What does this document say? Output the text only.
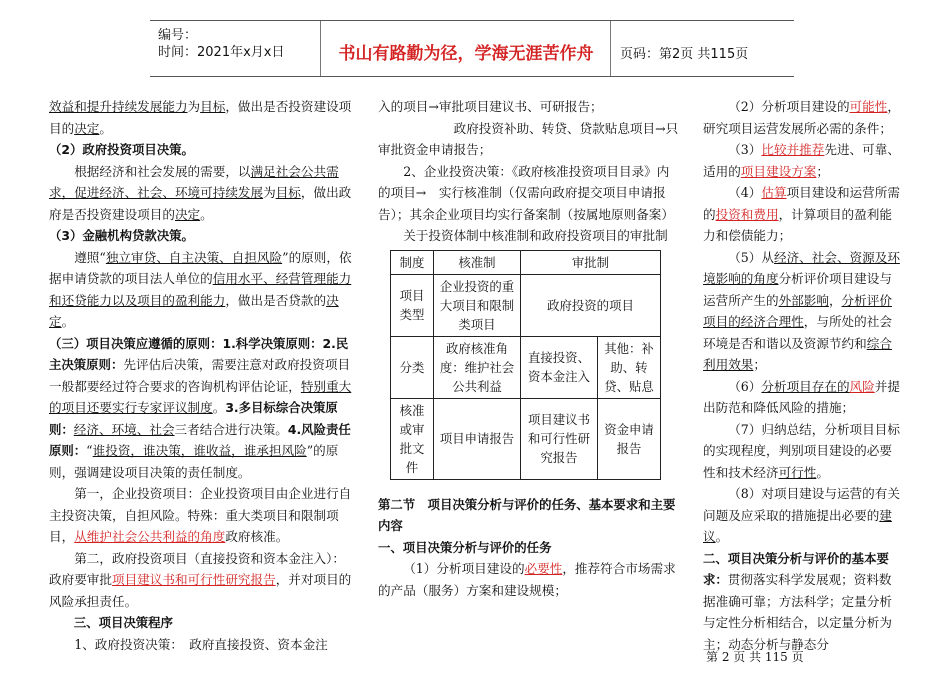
编号：
时间：2021年x月x日	书山有路勤为径，学海无涯苦作舟	页码：第2页 共115页

效益和提升持续发展能力为目标，做出是否投资建设项目的决定。

（2）政府投资项目决策。

根据经济和社会发展的需要，以满足社会公共需求，促进经济、社会、环境可持续发展为目标，做出政府是否投资建设项目的决定。

（3）金融机构贷款决策。

遵照“独立审贷、自主决策、自担风险”的原则，依据申请贷款的项目法人单位的信用水平、经营管理能力和还贷能力以及项目的盈利能力，做出是否贷款的决定。

（三）项目决策应遵循的原则：1.科学决策原则：2.民主决策原则：先评估后决策，需要注意对政府投资项目一般都要经过符合要求的咨询机构评估论证，特别重大的项目还要实行专家评议制度。3.多目标综合决策原则：经济、环境、社会三者结合进行决策。4.风险责任原则：“谁投资，谁决策，谁收益，谁承担风险”的原则，强调建设项目决策的责任制度。

第一，企业投资项目：企业投资项目由企业进行自主投资决策，自担风险。特殊：重大类项目和限制项目，从维护社会公共利益的角度政府核准。

第二，政府投资项目（直接投资和资本金注入）：政府要审批项目建议书和可行性研究报告，并对项目的风险承担责任。

三、项目决策程序

1、政府投资决策：　政府直接投资、资本金注

入的项目→审批项目建议书、可研报告；

政府投资补助、转贷、贷款贴息项目→只审批资金申请报告；

2、企业投资决策：《政府核准投资项目目录》内的项目→　实行核准制（仅需向政府提交项目申请报告）；其余企业项目均实行备案制（按属地原则备案）

关于投资体制中核准制和政府投资项目的审批制

制度	核准制	审批制	
项目类型	企业投资的重大项目和限制类项目	政府投资的项目	
分类	政府核准角度：维护社会公共利益	直接投资、资本金注入	其他：补助、转贷、贴息
核准或审批文件	项目申请报告	项目建议书和可行性研究报告	资金申请报告

第二节　项目决策分析与评价的任务、基本要求和主要内容

一、项目决策分析与评价的任务

（1）分析项目建设的必要性，推荐符合市场需求的产品（服务）方案和建设规模；

（2）分析项目建设的可能性，研究项目运营发展所必需的条件；

（3）比较并推荐先进、可靠、适用的项目建设方案；

（4）估算项目建设和运营所需的投资和费用，计算项目的盈利能力和偿债能力；

（5）从经济、社会、资源及环境影响的角度分析评价项目建设与运营所产生的外部影响，分析评价项目的经济合理性，与所处的社会环境是否和谐以及资源节约和综合利用效果；

（6）分析项目存在的风险并提出防范和降低风险的措施；

（7）归纳总结，分析项目目标的实现程度，判别项目建设的必要性和技术经济可行性。

（8）对项目建设与运营的有关问题及应采取的措施提出必要的建议。

二、项目决策分析与评价的基本要求：贯彻落实科学发展观；资料数据准确可靠；方法科学；定量分析与定性分析相结合，以定量分析为主；动态分析与静态分

第 2 页 共 115 页
